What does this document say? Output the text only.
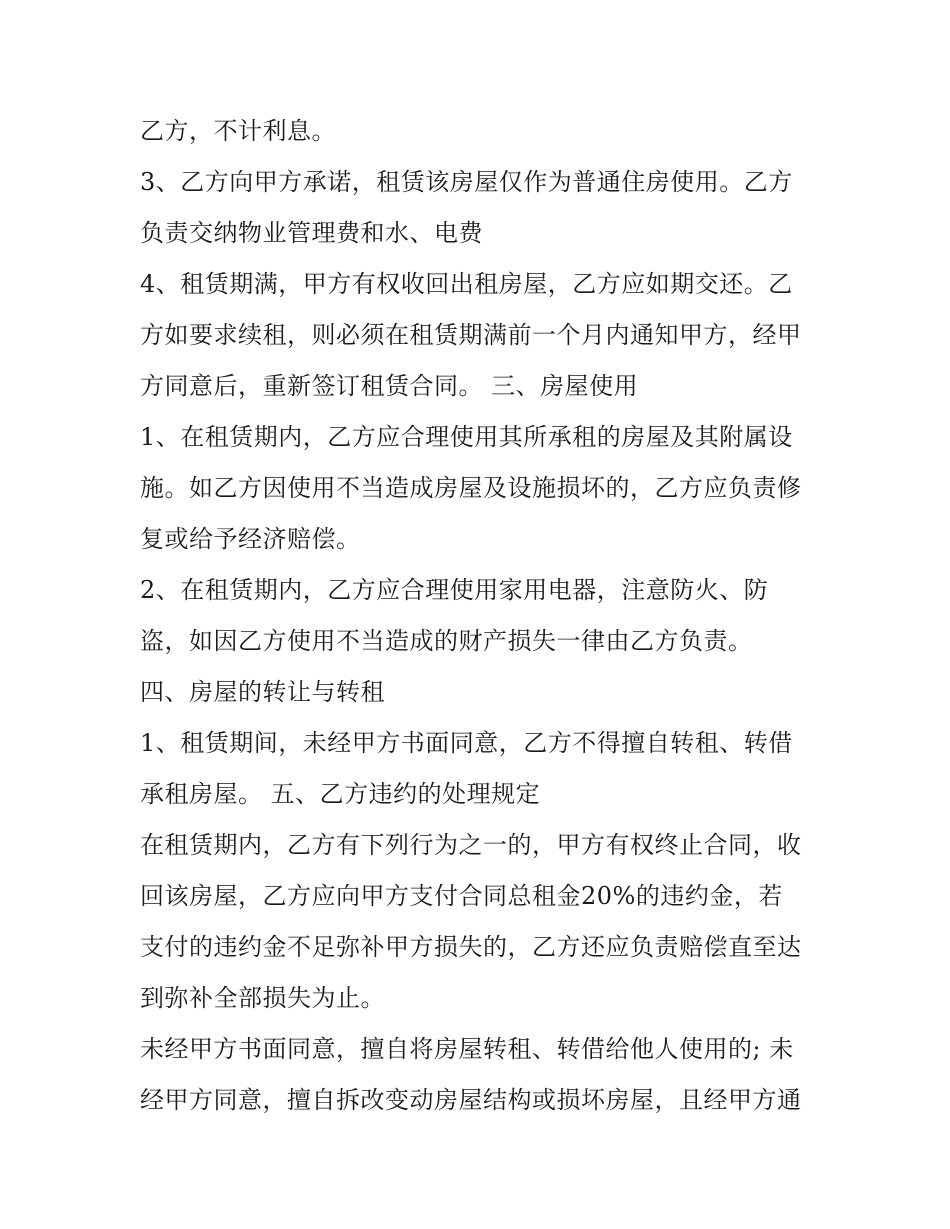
乙方，不计利息。
3、乙方向甲方承诺，租赁该房屋仅作为普通住房使用。乙方
负责交纳物业管理费和水、电费
4、租赁期满，甲方有权收回出租房屋，乙方应如期交还。乙
方如要求续租，则必须在租赁期满前一个月内通知甲方，经甲
方同意后，重新签订租赁合同。 三、房屋使用
1、在租赁期内，乙方应合理使用其所承租的房屋及其附属设
施。如乙方因使用不当造成房屋及设施损坏的，乙方应负责修
复或给予经济赔偿。
2、在租赁期内，乙方应合理使用家用电器，注意防火、防
盗，如因乙方使用不当造成的财产损失一律由乙方负责。
四、房屋的转让与转租
1、租赁期间，未经甲方书面同意，乙方不得擅自转租、转借
承租房屋。 五、乙方违约的处理规定
在租赁期内，乙方有下列行为之一的，甲方有权终止合同，收
回该房屋，乙方应向甲方支付合同总租金20%的违约金，若
支付的违约金不足弥补甲方损失的，乙方还应负责赔偿直至达
到弥补全部损失为止。
未经甲方书面同意，擅自将房屋转租、转借给他人使用的; 未
经甲方同意，擅自拆改变动房屋结构或损坏房屋，且经甲方通
